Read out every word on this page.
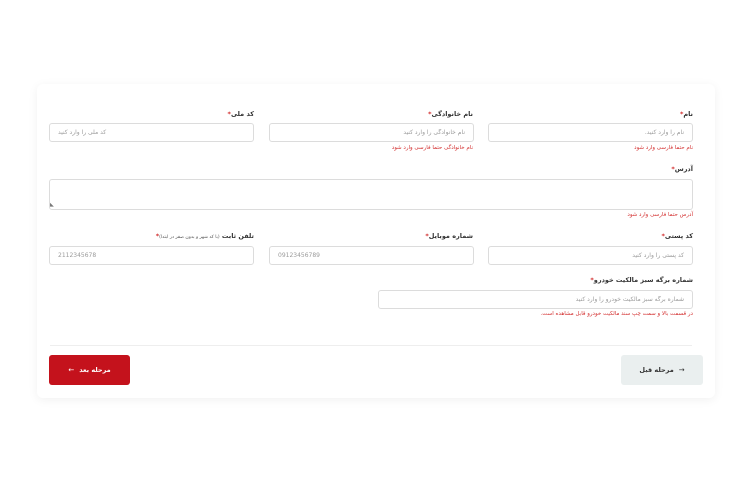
نام*
نام خانوادگی*
کد ملی*
نام را وارد کنید.
نام خانوادگی را وارد کنید
کد ملی را وارد کنید
نام حتما فارسی وارد شود
نام خانوادگی حتما فارسی وارد شود
آدرس*
◣
آدرس حتما فارسی وارد شود
کد پستی*
شماره موبایل*
تلفن ثابت (با کد شهر و بدون صفر در ابتدا)*
کد پستی را وارد کنید
09123456789
2112345678
شماره برگه سبز مالکیت خودرو*
شماره برگه سبز مالکیت خودرو را وارد کنید
در قسمت بالا و سمت چپ سند مالکیت خودرو قابل مشاهده است.
مرحله بعد
←	→
مرحله قبل
